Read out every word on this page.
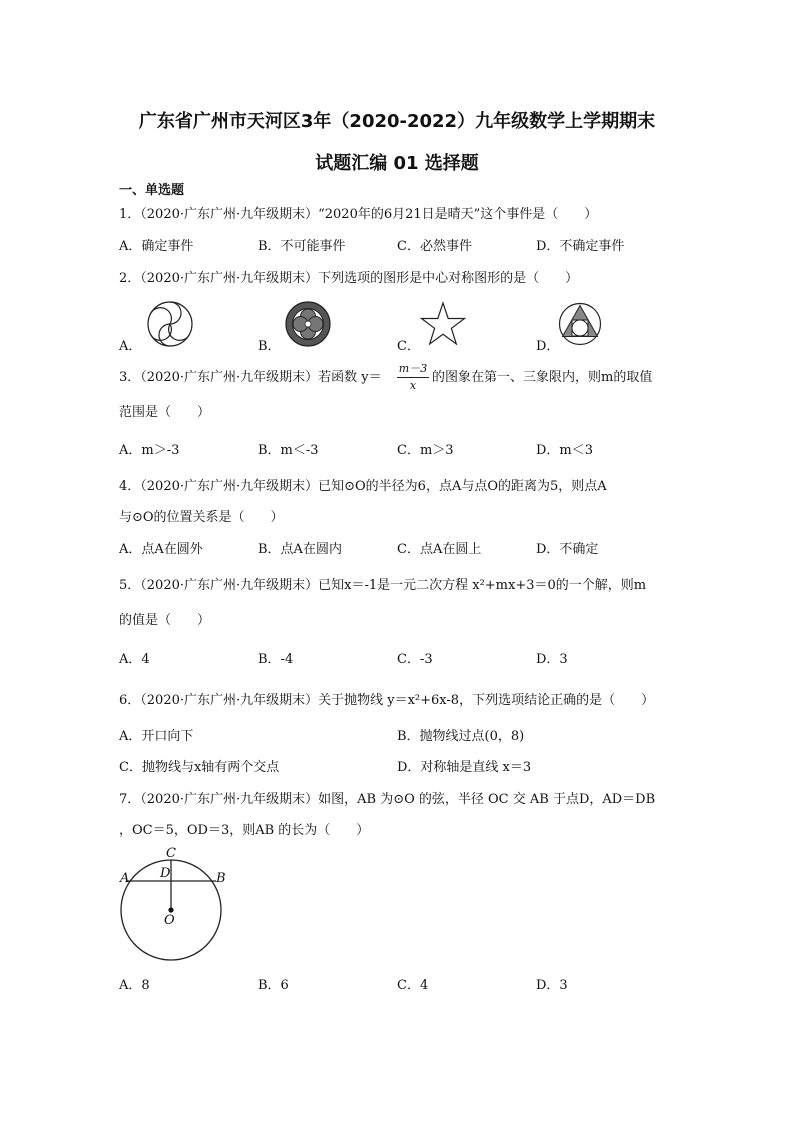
广东省广州市天河区3年（2020-2022）九年级数学上学期期末
试题汇编 01 选择题
一、单选题
1．（2020·广东广州·九年级期末）“2020年的6月21日是晴天”这个事件是（　　）
A．确定事件	B．不可能事件	C．必然事件	D．不确定事件
2．（2020·广东广州·九年级期末）下列选项的图形是中心对称图形的是（　　）
A．	B．	C．	D．
3．（2020·广东广州·九年级期末）若函数 y＝
m－3
x
的图象在第一、三象限内，则m的取值
范围是（　　）
A．m＞-3	B．m＜-3	C．m＞3	D．m＜3
4．（2020·广东广州·九年级期末）已知⊙O的半径为6，点A与点O的距离为5，则点A
与⊙O的位置关系是（　　）
A．点A在圆外	B．点A在圆内	C．点A在圆上	D．不确定
5．（2020·广东广州·九年级期末）已知x＝-1是一元二次方程 x²+mx+3＝0的一个解，则m
的值是（　　）
A．4	B．-4	C．-3	D．3
6．（2020·广东广州·九年级期末）关于抛物线 y＝x²+6x-8，下列选项结论正确的是（　　）
A．开口向下	B．抛物线过点(0，8)
C．抛物线与x轴有两个交点	D．对称轴是直线 x＝3
7．（2020·广东广州·九年级期末）如图，AB 为⊙O 的弦，半径 OC 交 AB 于点D，AD＝DB
，OC＝5，OD＝3，则AB 的长为（　　）
C
A D	B
O
A．8	B．6	C．4	D．3
